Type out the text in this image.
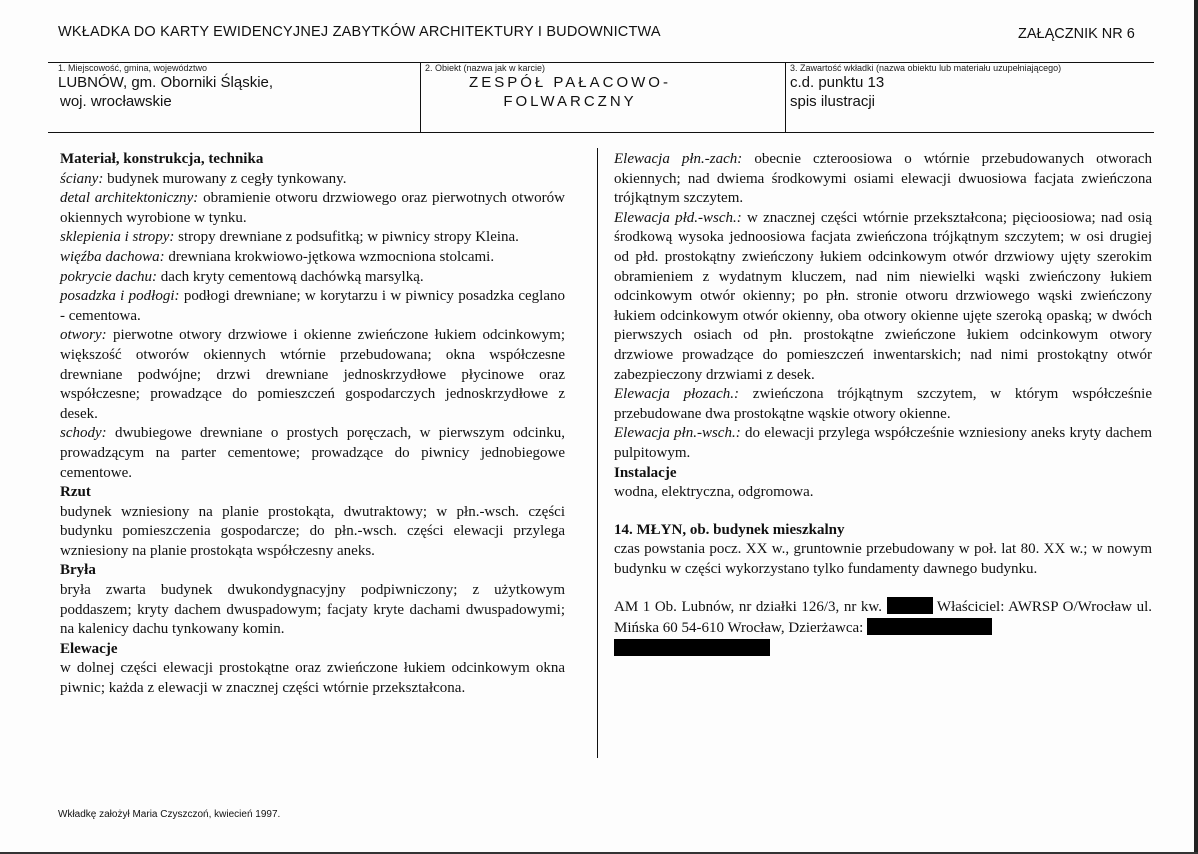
WKŁADKA DO KARTY EWIDENCYJNEJ ZABYTKÓW ARCHITEKTURY I BUDOWNICTWA	ZAŁĄCZNIK NR 6
1. Miejscowość, gmina, województwo
LUBNÓW, gm. Oborniki Śląskie,
woj. wrocławskie
2. Obiekt (nazwa jak w karcie)
ZESPÓŁ PAŁACOWO-
FOLWARCZNY
3. Zawartość wkładki (nazwa obiektu lub materiału uzupełniającego)
c.d. punktu 13
spis ilustracji

Materiał, konstrukcja, technika

ściany: budynek murowany z cegły tynkowany.

detal architektoniczny: obramienie otworu drzwiowego oraz pierwotnych otworów okiennych wyrobione w tynku.

sklepienia i stropy: stropy drewniane z podsufitką; w piwnicy stropy Kleina.

więźba dachowa: drewniana krokwiowo-jętkowa wzmocniona stolcami.

pokrycie dachu: dach kryty cementową dachówką marsylką.

posadzka i podłogi: podłogi drewniane; w korytarzu i w piwnicy posadzka ceglano - cementowa.

otwory: pierwotne otwory drzwiowe i okienne zwieńczone łukiem odcinkowym; większość otworów okiennych wtórnie przebudowana; okna współczesne drewniane podwójne; drzwi drewniane jednoskrzydłowe płycinowe oraz współczesne; prowadzące do pomieszczeń gospodarczych jednoskrzydłowe z desek.

schody: dwubiegowe drewniane o prostych poręczach, w pierwszym odcinku, prowadzącym na parter cementowe; prowadzące do piwnicy jednobiegowe cementowe.

Rzut

budynek wzniesiony na planie prostokąta, dwutraktowy; w płn.-wsch. części budynku pomieszczenia gospodarcze; do płn.-wsch. części elewacji przylega wzniesiony na planie prostokąta współczesny aneks.

Bryła

bryła zwarta budynek dwukondygnacyjny podpiwniczony; z użytkowym poddaszem; kryty dachem dwuspadowym; facjaty kryte dachami dwuspadowymi; na kalenicy dachu tynkowany komin.

Elewacje

w dolnej części elewacji prostokątne oraz zwieńczone łukiem odcinkowym okna piwnic; każda z elewacji w znacznej części wtórnie przekształcona.

Elewacja płn.-zach: obecnie czteroosiowa o wtórnie przebudowanych otworach okiennych; nad dwiema środkowymi osiami elewacji dwuosiowa facjata zwieńczona trójkątnym szczytem.

Elewacja płd.-wsch.: w znacznej części wtórnie przekształcona; pięcioosiowa; nad osią środkową wysoka jednoosiowa facjata zwieńczona trójkątnym szczytem; w osi drugiej od płd. prostokątny zwieńczony łukiem odcinkowym otwór drzwiowy ujęty szerokim obramieniem z wydatnym kluczem, nad nim niewielki wąski zwieńczony łukiem odcinkowym otwór okienny; po płn. stronie otworu drzwiowego wąski zwieńczony łukiem odcinkowym otwór okienny, oba otwory okienne ujęte szeroką opaską; w dwóch pierwszych osiach od płn. prostokątne zwieńczone łukiem odcinkowym otwory drzwiowe prowadzące do pomieszczeń inwentarskich; nad nimi prostokątny otwór zabezpieczony drzwiami z desek.

Elewacja płozach.: zwieńczona trójkątnym szczytem, w którym współcześnie przebudowane dwa prostokątne wąskie otwory okienne.

Elewacja płn.-wsch.: do elewacji przylega współcześnie wzniesiony aneks kryty dachem pulpitowym.

Instalacje

wodna, elektryczna, odgromowa.

14. MŁYN, ob. budynek mieszkalny

czas powstania pocz. XX w., gruntownie przebudowany w poł. lat 80. XX w.; w nowym budynku w części wykorzystano tylko fundamenty dawnego budynku.

AM 1 Ob. Lubnów, nr działki 126/3, nr kw.	Właściciel: AWRSP O/Wrocław ul. Mińska 60 54-610 Wrocław, Dzierżawca:

Wkładkę założył Maria Czyszczoń, kwiecień 1997.
